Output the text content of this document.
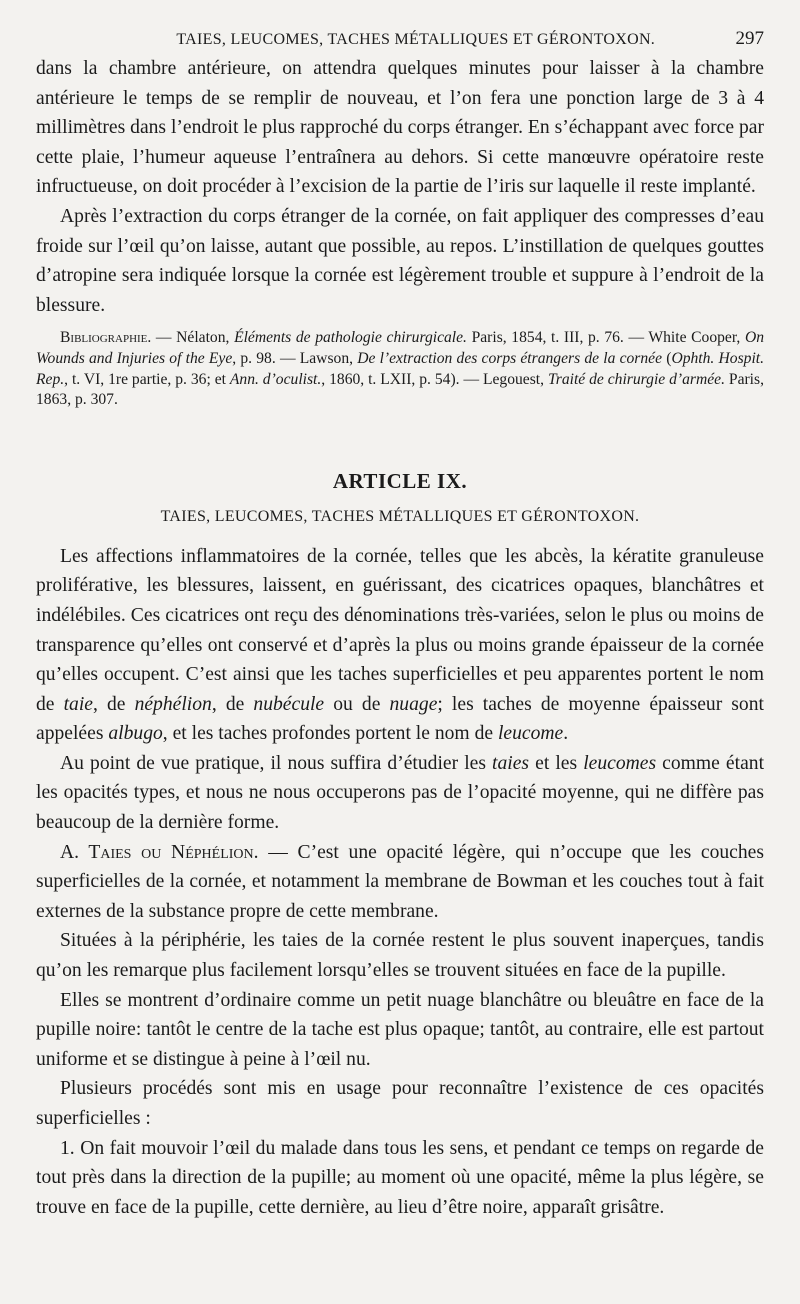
TAIES, LEUCOMES, TACHES MÉTALLIQUES ET GÉRONTOXON.	297

dans la chambre antérieure, on attendra quelques minutes pour laisser à la chambre antérieure le temps de se remplir de nouveau, et l’on fera une ponction large de 3 à 4 millimètres dans l’endroit le plus rapproché du corps étranger. En s’échappant avec force par cette plaie, l’humeur aqueuse l’entraînera au dehors. Si cette manœuvre opératoire reste infructueuse, on doit procéder à l’excision de la partie de l’iris sur laquelle il reste implanté.

Après l’extraction du corps étranger de la cornée, on fait appliquer des compresses d’eau froide sur l’œil qu’on laisse, autant que possible, au repos. L’instillation de quelques gouttes d’atropine sera indiquée lorsque la cornée est légèrement trouble et suppure à l’endroit de la blessure.

Bibliographie. — Nélaton, Éléments de pathologie chirurgicale. Paris, 1854, t. III, p. 76. — White Cooper, On Wounds and Injuries of the Eye, p. 98. — Lawson, De l’extraction des corps étrangers de la cornée (Ophth. Hospit. Rep., t. VI, 1re partie, p. 36; et Ann. d’oculist., 1860, t. LXII, p. 54). — Legouest, Traité de chirurgie d’armée. Paris, 1863, p. 307.
ARTICLE IX.
TAIES, LEUCOMES, TACHES MÉTALLIQUES ET GÉRONTOXON.

Les affections inflammatoires de la cornée, telles que les abcès, la kératite granuleuse proliférative, les blessures, laissent, en guérissant, des cicatrices opaques, blanchâtres et indélébiles. Ces cicatrices ont reçu des dénominations très-variées, selon le plus ou moins de transparence qu’elles ont conservé et d’après la plus ou moins grande épaisseur de la cornée qu’elles occupent. C’est ainsi que les taches superficielles et peu apparentes portent le nom de taie, de néphélion, de nubécule ou de nuage; les taches de moyenne épaisseur sont appelées albugo, et les taches profondes portent le nom de leucome.

Au point de vue pratique, il nous suffira d’étudier les taies et les leucomes comme étant les opacités types, et nous ne nous occuperons pas de l’opacité moyenne, qui ne diffère pas beaucoup de la dernière forme.

A. Taies ou Néphélion. — C’est une opacité légère, qui n’occupe que les couches superficielles de la cornée, et notamment la membrane de Bowman et les couches tout à fait externes de la substance propre de cette membrane.

Situées à la périphérie, les taies de la cornée restent le plus souvent inaperçues, tandis qu’on les remarque plus facilement lorsqu’elles se trouvent situées en face de la pupille.

Elles se montrent d’ordinaire comme un petit nuage blanchâtre ou bleuâtre en face de la pupille noire: tantôt le centre de la tache est plus opaque; tantôt, au contraire, elle est partout uniforme et se distingue à peine à l’œil nu.

Plusieurs procédés sont mis en usage pour reconnaître l’existence de ces opacités superficielles :

1. On fait mouvoir l’œil du malade dans tous les sens, et pendant ce temps on regarde de tout près dans la direction de la pupille; au moment où une opacité, même la plus légère, se trouve en face de la pupille, cette dernière, au lieu d’être noire, apparaît grisâtre.
